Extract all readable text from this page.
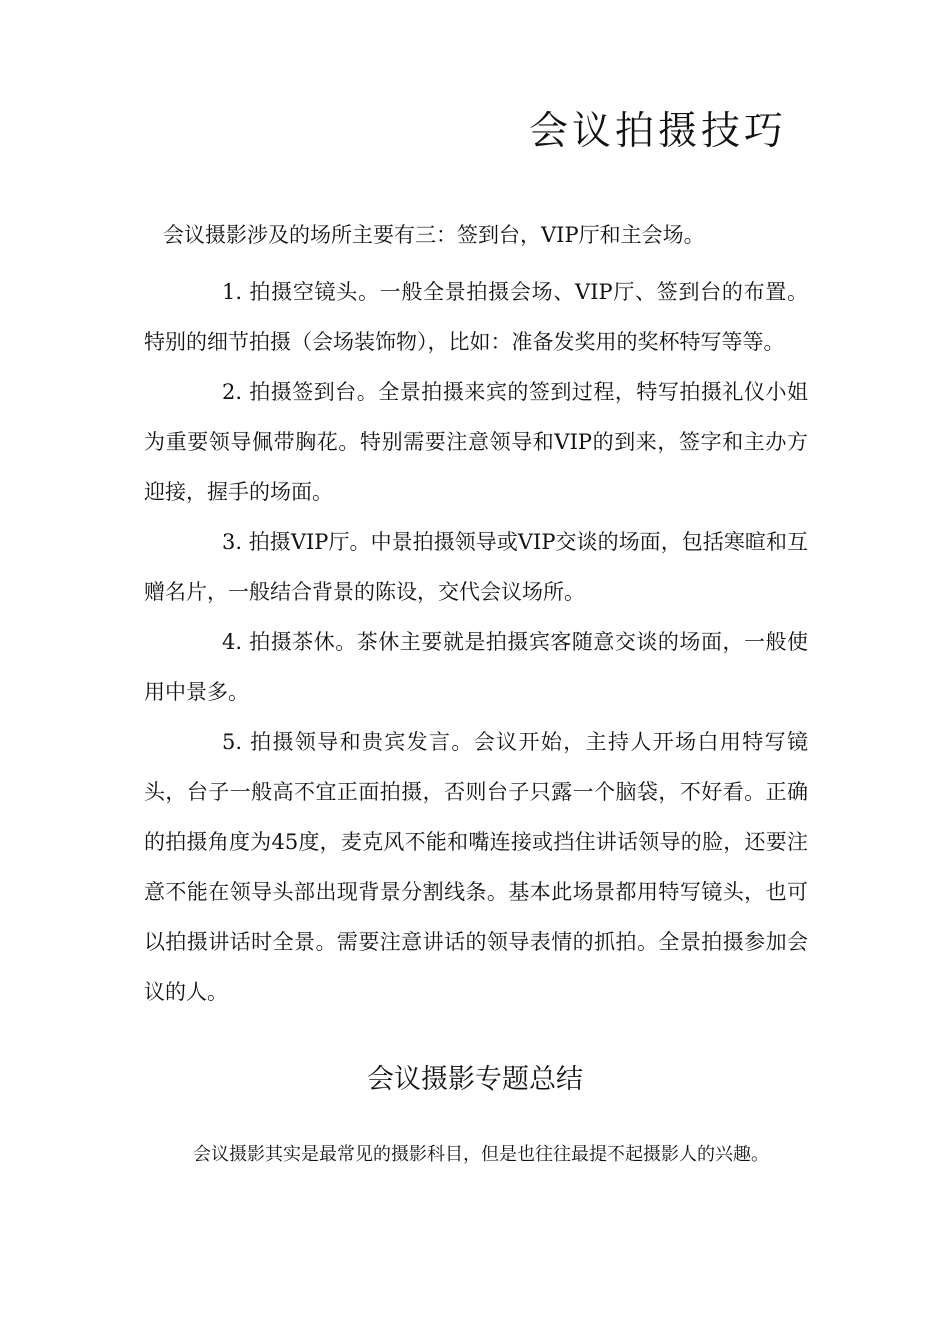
会议拍摄技巧

会议摄影涉及的场所主要有三：签到台，VIP厅和主会场。

1. 拍摄空镜头。一般全景拍摄会场、VIP厅、签到台的布置。特别的细节拍摄（会场装饰物），比如：准备发奖用的奖杯特写等等。

2. 拍摄签到台。全景拍摄来宾的签到过程，特写拍摄礼仪小姐为重要领导佩带胸花。特别需要注意领导和VIP的到来，签字和主办方迎接，握手的场面。

3. 拍摄VIP厅。中景拍摄领导或VIP交谈的场面，包括寒暄和互赠名片，一般结合背景的陈设，交代会议场所。

4. 拍摄茶休。茶休主要就是拍摄宾客随意交谈的场面，一般使用中景多。

5. 拍摄领导和贵宾发言。会议开始，主持人开场白用特写镜头，台子一般高不宜正面拍摄，否则台子只露一个脑袋，不好看。正确的拍摄角度为45度，麦克风不能和嘴连接或挡住讲话领导的脸，还要注意不能在领导头部出现背景分割线条。基本此场景都用特写镜头，也可以拍摄讲话时全景。需要注意讲话的领导表情的抓拍。全景拍摄参加会议的人。

会议摄影专题总结

会议摄影其实是最常见的摄影科目，但是也往往最提不起摄影人的兴趣。
